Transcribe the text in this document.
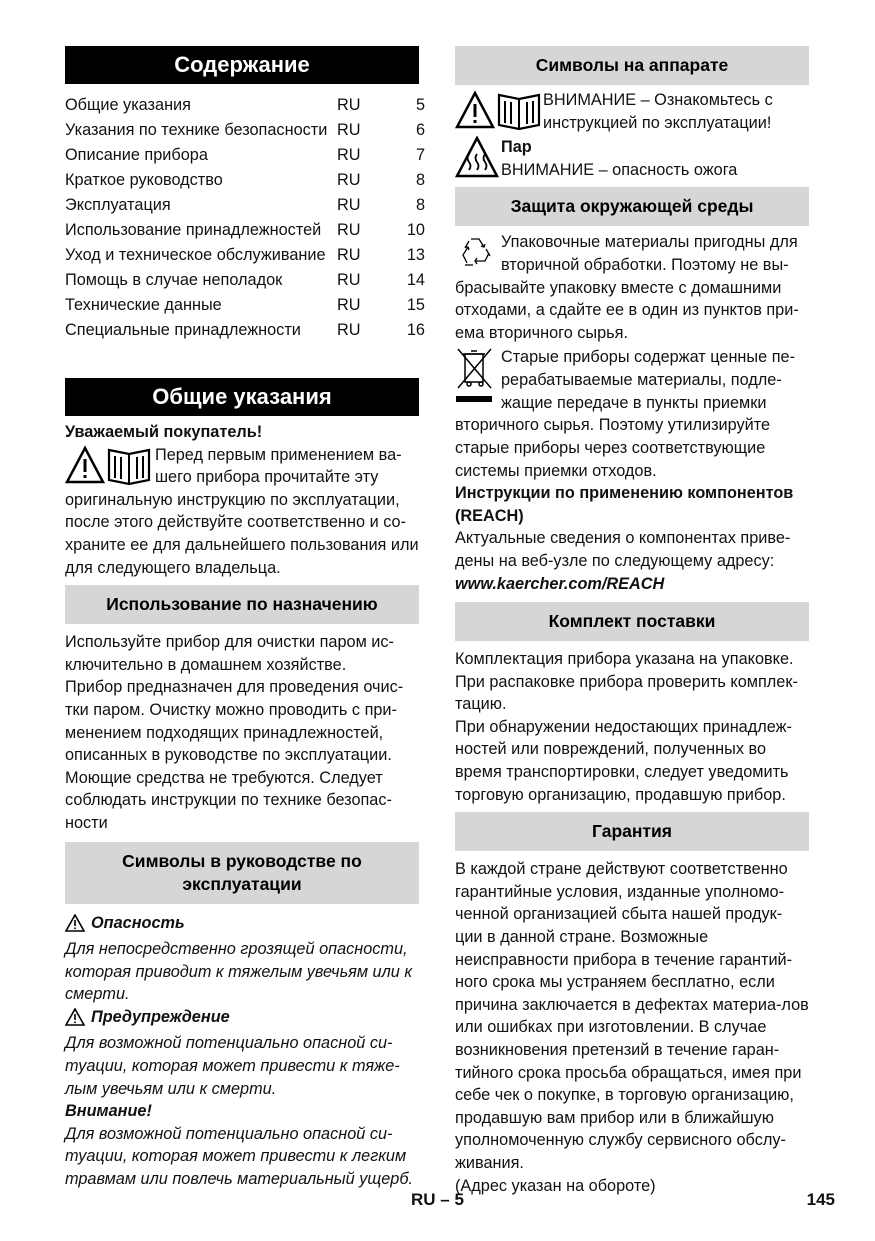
Содержание
Общие указания	RU	5
Указания по технике безопасности RU	6
Описание прибора	RU	7
Краткое руководство	RU	8
Эксплуатация	RU	8
Использование принадлежностей RU	10
Уход и техническое обслуживание RU	13
Помощь в случае неполадок	RU	14
Технические данные	RU	15
Специальные принадлежности RU	16
Общие указания

Уважаемый покупатель!

Перед первым применением ва-

шего прибора прочитайте эту

оригинальную инструкцию по эксплуатации, после этого действуйте соответственно и со-храните ее для дальнейшего пользования или для следующего владельца.

Использование по назначению

Используйте прибор для очистки паром ис-ключительно в домашнем хозяйстве.

Прибор предназначен для проведения очис-тки паром. Очистку можно проводить с при-менением подходящих принадлежностей, описанных в руководстве по эксплуатации. Моющие средства не требуются. Следует соблюдать инструкции по технике безопас-ности

Символы в руководстве по эксплуатации
Опасность

Для непосредственно грозящей опасности, которая приводит к тяжелым увечьям или к смерти.

Предупреждение

Для возможной потенциально опасной си-туации, которая может привести к тяже-лым увечьям или к смерти.

Внимание!

Для возможной потенциально опасной си-туации, которая может привести к легким травмам или повлечь материальный ущерб.

Символы на аппарате

ВНИМАНИЕ – Ознакомьтесь с инструкцией по эксплуатации!

Пар

ВНИМАНИЕ – опасность ожога

Защита окружающей среды

Упаковочные материалы пригодны для

вторичной обработки. Поэтому не вы-

брасывайте упаковку вместе с домашними отходами, а сдайте ее в один из пунктов при-ема вторичного сырья.

Старые приборы содержат ценные пе-

рерабатываемые материалы, подле-

жащие передаче в пункты приемки

вторичного сырья. Поэтому утилизируйте старые приборы через соответствующие системы приемки отходов.

Инструкции по применению компонентов (REACH)

Актуальные сведения о компонентах приве-дены на веб-узле по следующему адресу:

www.kaercher.com/REACH

Комплект поставки

Комплектация прибора указана на упаковке. При распаковке прибора проверить комплек-тацию.

При обнаружении недостающих принадлеж-ностей или повреждений, полученных во время транспортировки, следует уведомить торговую организацию, продавшую прибор.

Гарантия

В каждой стране действуют соответственно гарантийные условия, изданные уполномо-ченной организацией сбыта нашей продук-ции в данной стране. Возможные неисправности прибора в течение гарантий-ного срока мы устраняем бесплатно, если причина заключается в дефектах материа-лов или ошибках при изготовлении. В случае возникновения претензий в течение гаран-тийного срока просьба обращаться, имея при себе чек о покупке, в торговую организацию, продавшую вам прибор или в ближайшую уполномоченную службу сервисного обслу-живания.

(Адрес указан на обороте)

RU – 5	145
